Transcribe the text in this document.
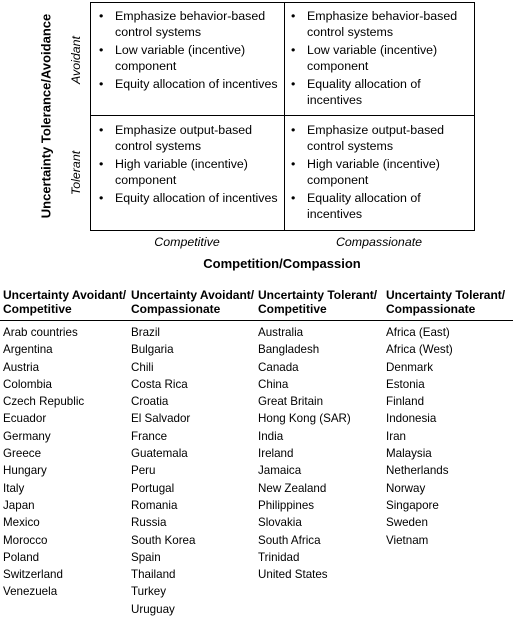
Uncertainty Tolerance/Avoidance Avoidant
Tolerant
•
Emphasize behavior-based control systems
•
Low variable (incentive) component
•
Equity allocation of incentives
•
Emphasize behavior-based control systems
•
Low variable (incentive) component
•
Equality allocation of incentives
•
Emphasize output-based control systems
•
High variable (incentive) component
•
Equity allocation of incentives
•
Emphasize output-based control systems
•
High variable (incentive) component
•
Equality allocation of incentives
Competitive	Compassionate
Competition/Compassion
Uncertainty Avoidant/
Competitive
Uncertainty Avoidant/
Compassionate
Uncertainty Tolerant/
Competitive
Uncertainty Tolerant/
Compassionate
Arab countries
Argentina
Austria
Colombia
Czech Republic
Ecuador
Germany
Greece
Hungary
Italy
Japan
Mexico
Morocco
Poland
Switzerland
Venezuela
Brazil
Bulgaria
Chili
Costa Rica
Croatia
El Salvador
France
Guatemala
Peru
Portugal
Romania
Russia
South Korea
Spain
Thailand
Turkey
Uruguay
Australia
Bangladesh
Canada
China
Great Britain
Hong Kong (SAR)
India
Ireland
Jamaica
New Zealand
Philippines
Slovakia
South Africa
Trinidad
United States
Africa (East)
Africa (West)
Denmark
Estonia
Finland
Indonesia
Iran
Malaysia
Netherlands
Norway
Singapore
Sweden
Vietnam
